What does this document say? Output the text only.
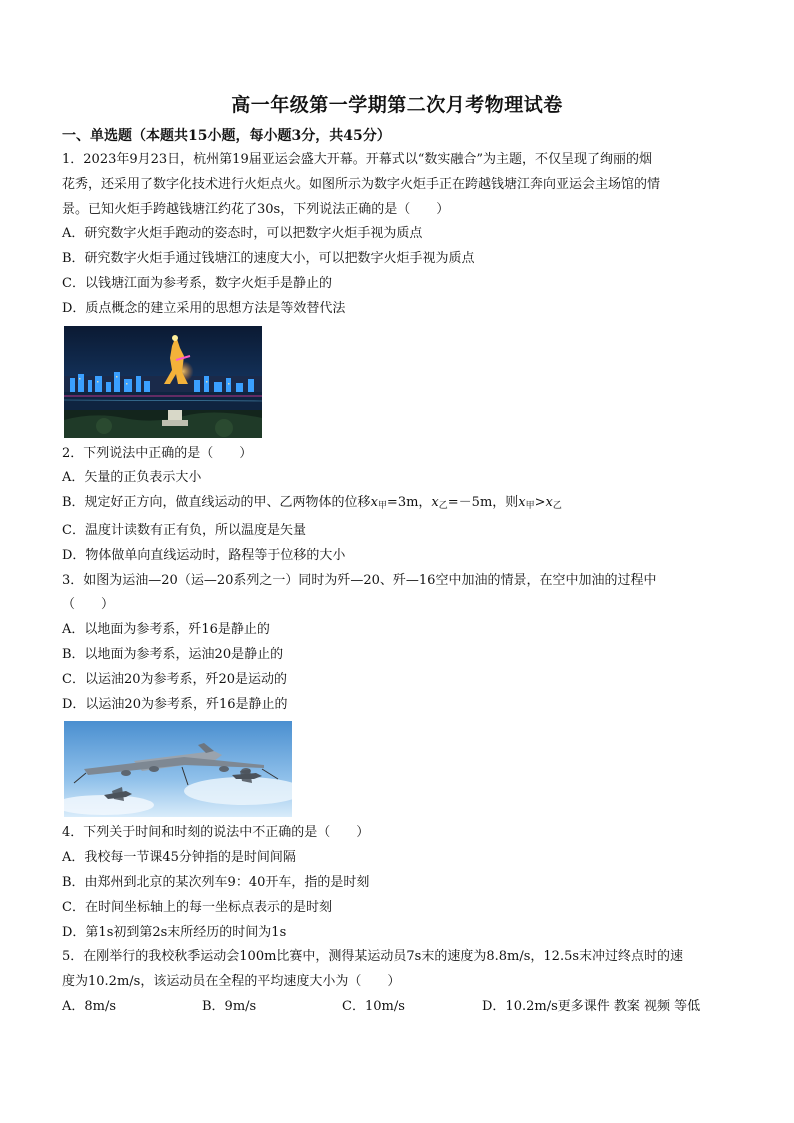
高一年级第一学期第二次月考物理试卷
一、单选题（本题共15小题，每小题3分，共45分）
1．2023年9月23日，杭州第19届亚运会盛大开幕。开幕式以“数实融合”为主题，不仅呈现了绚丽的烟
花秀，还采用了数字化技术进行火炬点火。如图所示为数字火炬手正在跨越钱塘江奔向亚运会主场馆的情
景。已知火炬手跨越钱塘江约花了30s，下列说法正确的是（　　）
A．研究数字火炬手跑动的姿态时，可以把数字火炬手视为质点
B．研究数字火炬手通过钱塘江的速度大小，可以把数字火炬手视为质点
C．以钱塘江面为参考系，数字火炬手是静止的
D．质点概念的建立采用的思想方法是等效替代法
2．下列说法中正确的是（　　）
A．矢量的正负表示大小
B．规定好正方向，做直线运动的甲、乙两物体的位移$x_甲=3m$，$x_乙=-5m$，则$x_甲>x_乙$
C．温度计读数有正有负，所以温度是矢量
D．物体做单向直线运动时，路程等于位移的大小
3．如图为运油—20（运—20系列之一）同时为歼—20、歼—16空中加油的情景，在空中加油的过程中
（　　）
A．以地面为参考系，歼16是静止的
B．以地面为参考系，运油20是静止的
C．以运油20为参考系，歼20是运动的
D．以运油20为参考系，歼16是静止的
4．下列关于时间和时刻的说法中不正确的是（　　）
A．我校每一节课45分钟指的是时间间隔
B．由郑州到北京的某次列车9：40开车，指的是时刻
C．在时间坐标轴上的每一坐标点表示的是时刻
D．第1s初到第2s末所经历的时间为1s
5．在刚举行的我校秋季运动会100m比赛中，测得某运动员7s末的速度为8.8m/s，12.5s末冲过终点时的速
度为10.2m/s，该运动员在全程的平均速度大小为（　　）
A．8m/s	B．9m/s	C．10m/s	D．10.2m/s 更多课件 教案 视频 等低
